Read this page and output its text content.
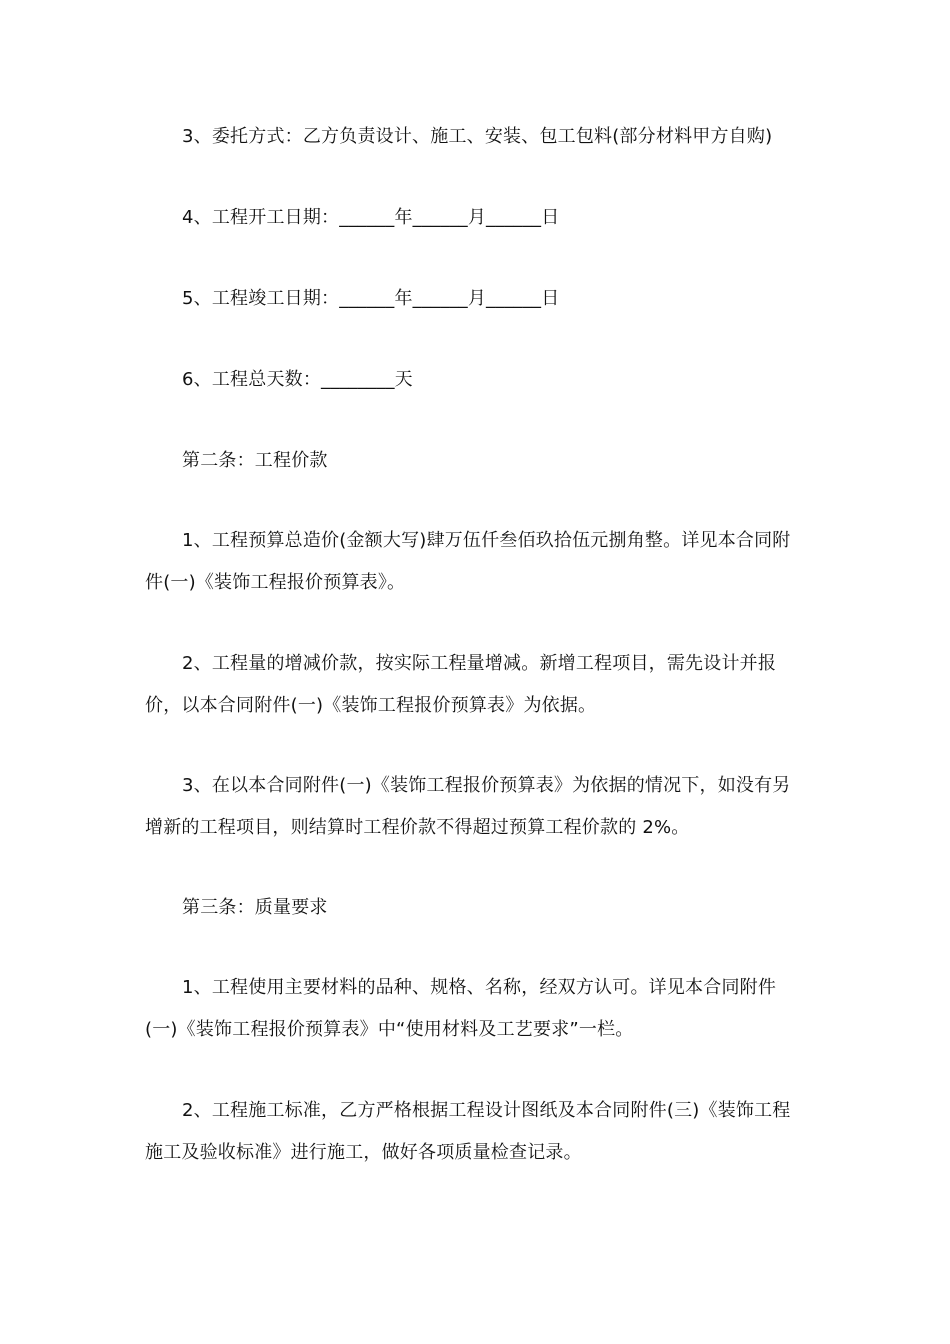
3、委托方式：乙方负责设计、施工、安装、包工包料(部分材料甲方自购)

4、工程开工日期：______年______月______日

5、工程竣工日期：______年______月______日

6、工程总天数：________天

第二条：工程价款

1、工程预算总造价(金额大写)肆万伍仟叁佰玖拾伍元捌角整。详见本合同附件(一)《装饰工程报价预算表》。

2、工程量的增减价款，按实际工程量增减。新增工程项目，需先设计并报价，以本合同附件(一)《装饰工程报价预算表》为依据。

3、在以本合同附件(一)《装饰工程报价预算表》为依据的情况下，如没有另增新的工程项目，则结算时工程价款不得超过预算工程价款的 2%。

第三条：质量要求

1、工程使用主要材料的品种、规格、名称，经双方认可。详见本合同附件(一)《装饰工程报价预算表》中“使用材料及工艺要求”一栏。

2、工程施工标准，乙方严格根据工程设计图纸及本合同附件(三)《装饰工程施工及验收标准》进行施工，做好各项质量检查记录。
